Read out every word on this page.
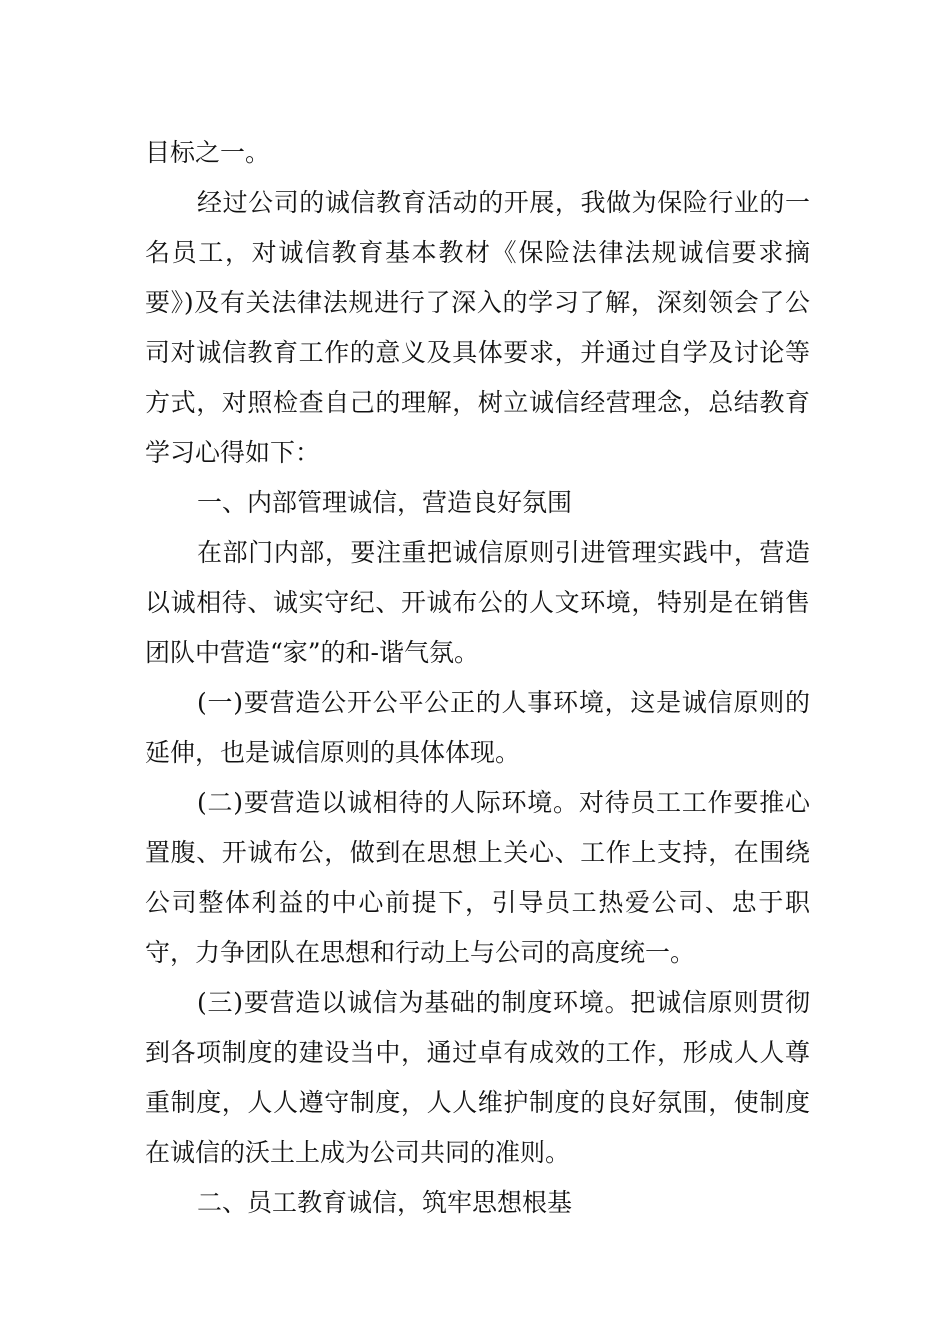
目标之一。

经过公司的诚信教育活动的开展，我做为保险行业的一名员工，对诚信教育基本教材《保险法律法规诚信要求摘要》)及有关法律法规进行了深入的学习了解，深刻领会了公司对诚信教育工作的意义及具体要求，并通过自学及讨论等方式，对照检查自己的理解，树立诚信经营理念，总结教育学习心得如下：

一、内部管理诚信，营造良好氛围

在部门内部，要注重把诚信原则引进管理实践中，营造以诚相待、诚实守纪、开诚布公的人文环境，特别是在销售团队中营造“家”的和-谐气氛。

(一)要营造公开公平公正的人事环境，这是诚信原则的延伸，也是诚信原则的具体体现。

(二)要营造以诚相待的人际环境。对待员工工作要推心置腹、开诚布公，做到在思想上关心、工作上支持，在围绕公司整体利益的中心前提下，引导员工热爱公司、忠于职守，力争团队在思想和行动上与公司的高度统一。

(三)要营造以诚信为基础的制度环境。把诚信原则贯彻到各项制度的建设当中，通过卓有成效的工作，形成人人尊重制度，人人遵守制度，人人维护制度的良好氛围，使制度在诚信的沃土上成为公司共同的准则。

二、员工教育诚信，筑牢思想根基
